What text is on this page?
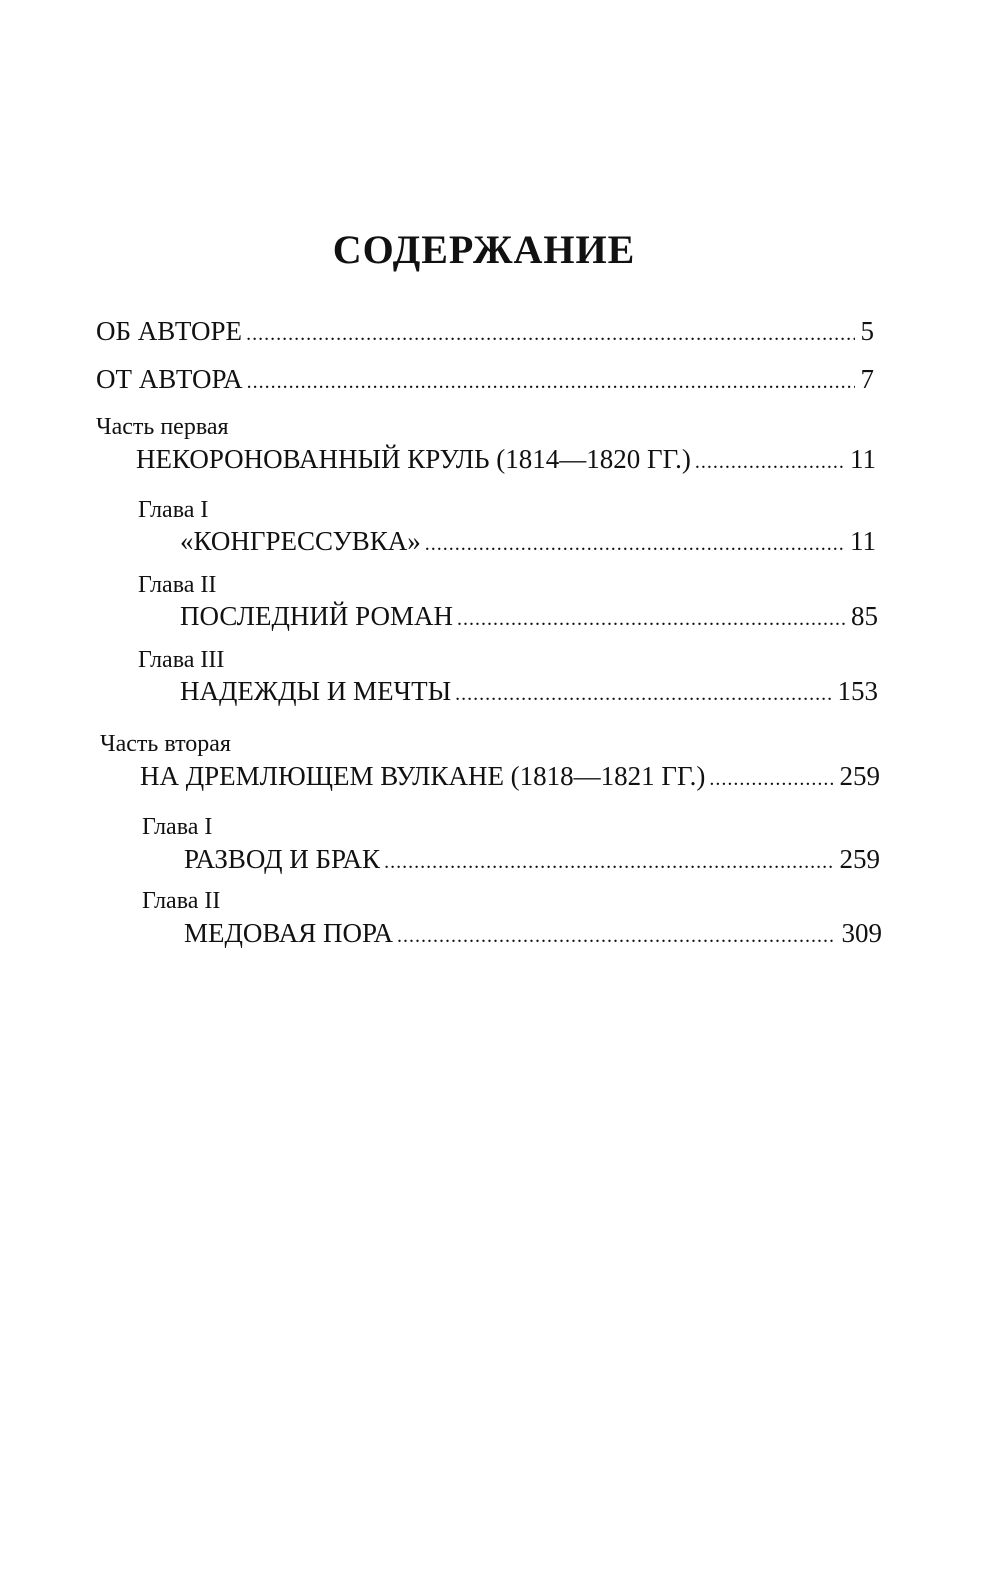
СОДЕРЖАНИЕ
ОБ АВТОРЕ .....	5
ОТ АВТОРА .....	7
Часть первая
НЕКОРОНОВАННЫЙ КРУЛЬ (1814—1820 ГГ.) .....	11
Глава I
«КОНГРЕССУВКА» .....	11
Глава II
ПОСЛЕДНИЙ РОМАН .....	85
Глава III
НАДЕЖДЫ И МЕЧТЫ .....	153
Часть вторая
НА ДРЕМЛЮЩЕМ ВУЛКАНЕ (1818—1821 ГГ.) .....	259
Глава I
РАЗВОД И БРАК .....	259
Глава II
МЕДОВАЯ ПОРА .....	309
